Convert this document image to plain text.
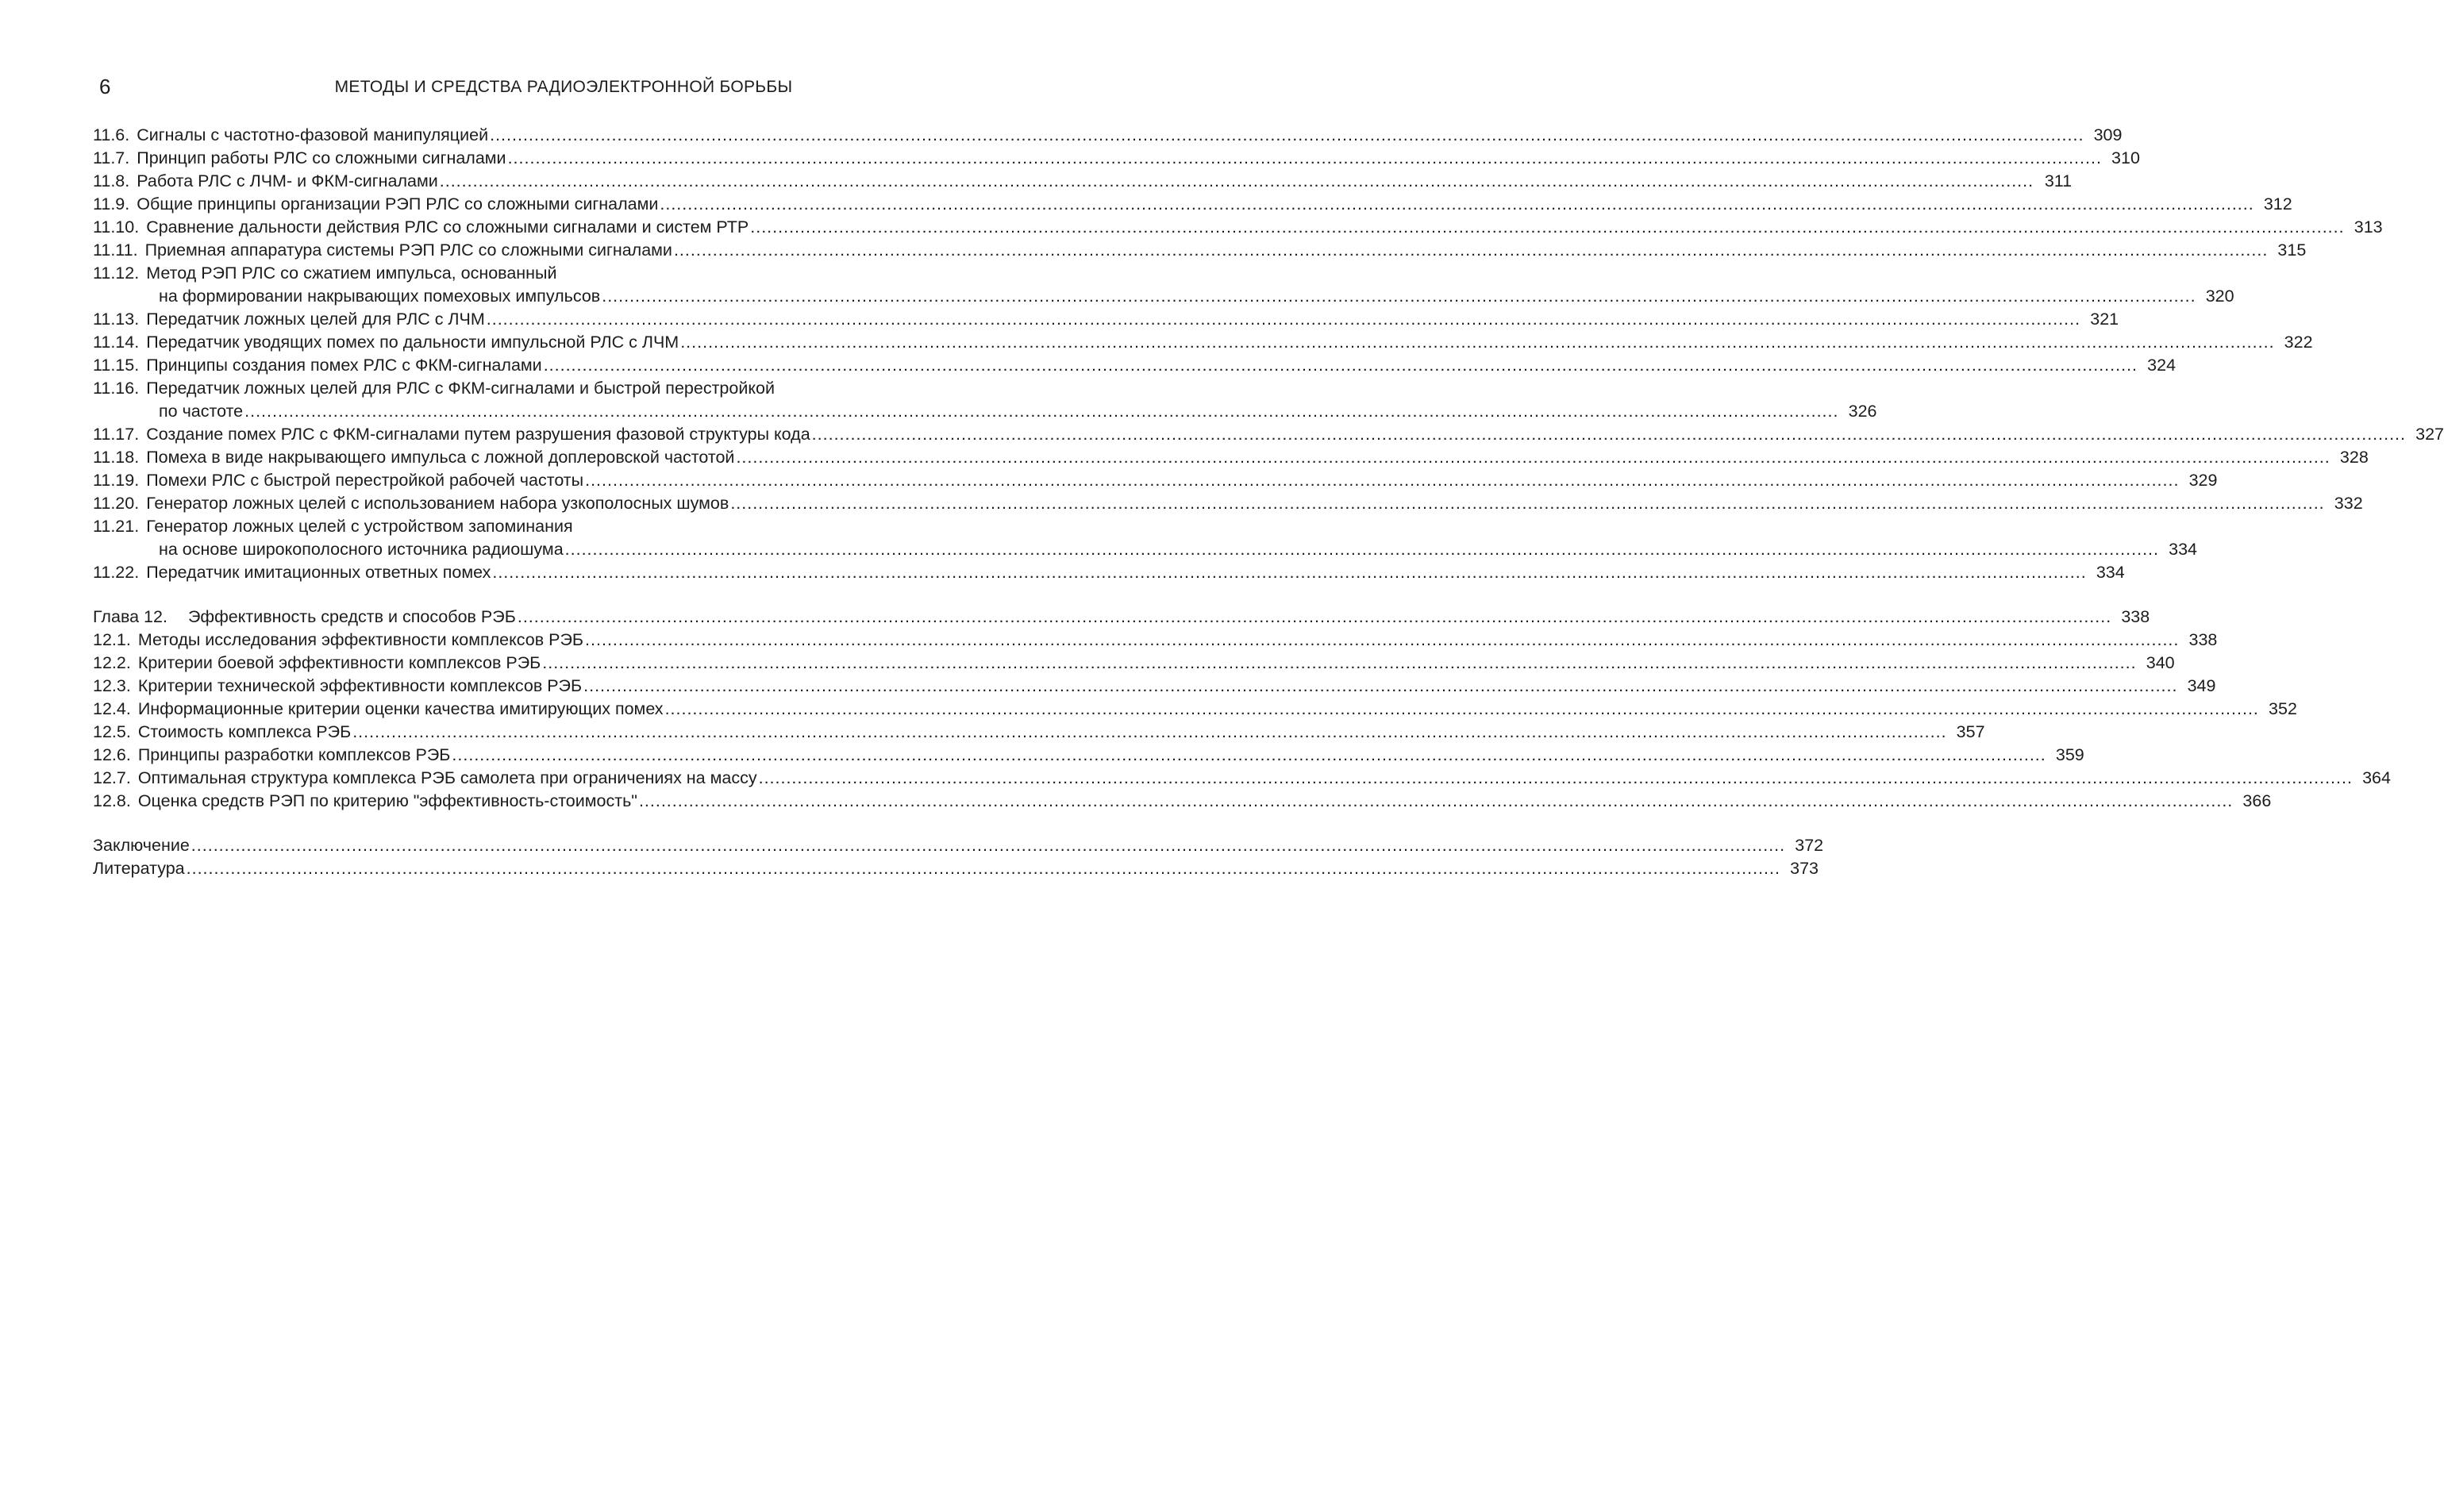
6	МЕТОДЫ И СРЕДСТВА РАДИОЭЛЕКТРОННОЙ БОРЬБЫ
11.6. Сигналы с частотно-фазовой манипуляцией .....	309
11.7. Принцип работы РЛС со сложными сигналами .....	310
11.8. Работа РЛС с ЛЧМ- и ФКМ-сигналами .....	311
11.9. Общие принципы организации РЭП РЛС со сложными сигналами .....	312
11.10. Сравнение дальности действия РЛС со сложными сигналами и систем РТР .....	313
11.11. Приемная аппаратура системы РЭП РЛС со сложными сигналами .....	315
11.12. Метод РЭП РЛС со сжатием импульса, основанный
на формировании накрывающих помеховых импульсов .....	320
11.13. Передатчик ложных целей для РЛС с ЛЧМ .....	321
11.14. Передатчик уводящих помех по дальности импульсной РЛС с ЛЧМ .....	322
11.15. Принципы создания помех РЛС с ФКМ-сигналами .....	324
11.16. Передатчик ложных целей для РЛС с ФКМ-сигналами и быстрой перестройкой
по частоте .....	326
11.17. Создание помех РЛС с ФКМ-сигналами путем разрушения фазовой структуры кода .....	327
11.18. Помеха в виде накрывающего импульса с ложной доплеровской частотой .....	328
11.19. Помехи РЛС с быстрой перестройкой рабочей частоты .....	329
11.20. Генератор ложных целей с использованием набора узкополосных шумов .....	332
11.21. Генератор ложных целей с устройством запоминания
на основе широкополосного источника радиошума .....	334
11.22. Передатчик имитационных ответных помех .....	334
Глава 12.	Эффективность средств и способов РЭБ .....	338
12.1. Методы исследования эффективности комплексов РЭБ .....	338
12.2. Критерии боевой эффективности комплексов РЭБ .....	340
12.3. Критерии технической эффективности комплексов РЭБ .....	349
12.4. Информационные критерии оценки качества имитирующих помех .....	352
12.5. Стоимость комплекса РЭБ .....	357
12.6. Принципы разработки комплексов РЭБ .....	359
12.7. Оптимальная структура комплекса РЭБ самолета при ограничениях на массу .....	364
12.8. Оценка средств РЭП по критерию "эффективность-стоимость" .....	366
Заключение .....	372
Литература .....	373
